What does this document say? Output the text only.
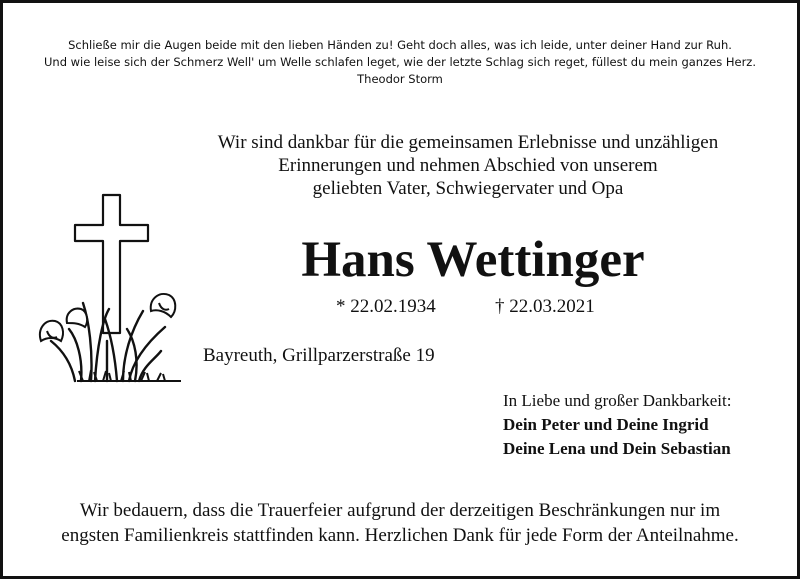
Schließe mir die Augen beide mit den lieben Händen zu! Geht doch alles, was ich leide, unter deiner Hand zur Ruh.
Und wie leise sich der Schmerz Well' um Welle schlafen leget, wie der letzte Schlag sich reget, füllest du mein ganzes Herz.
Theodor Storm
Wir sind dankbar für die gemeinsamen Erlebnisse und unzähligen
Erinnerungen und nehmen Abschied von unserem
geliebten Vater, Schwiegervater und Opa
Hans Wettinger
* 22.02.1934	† 22.03.2021
Bayreuth, Grillparzerstraße 19
In Liebe und großer Dankbarkeit:
Dein Peter und Deine Ingrid
Deine Lena und Dein Sebastian
Wir bedauern, dass die Trauerfeier aufgrund der derzeitigen Beschränkungen nur im
engsten Familienkreis stattfinden kann. Herzlichen Dank für jede Form der Anteilnahme.
